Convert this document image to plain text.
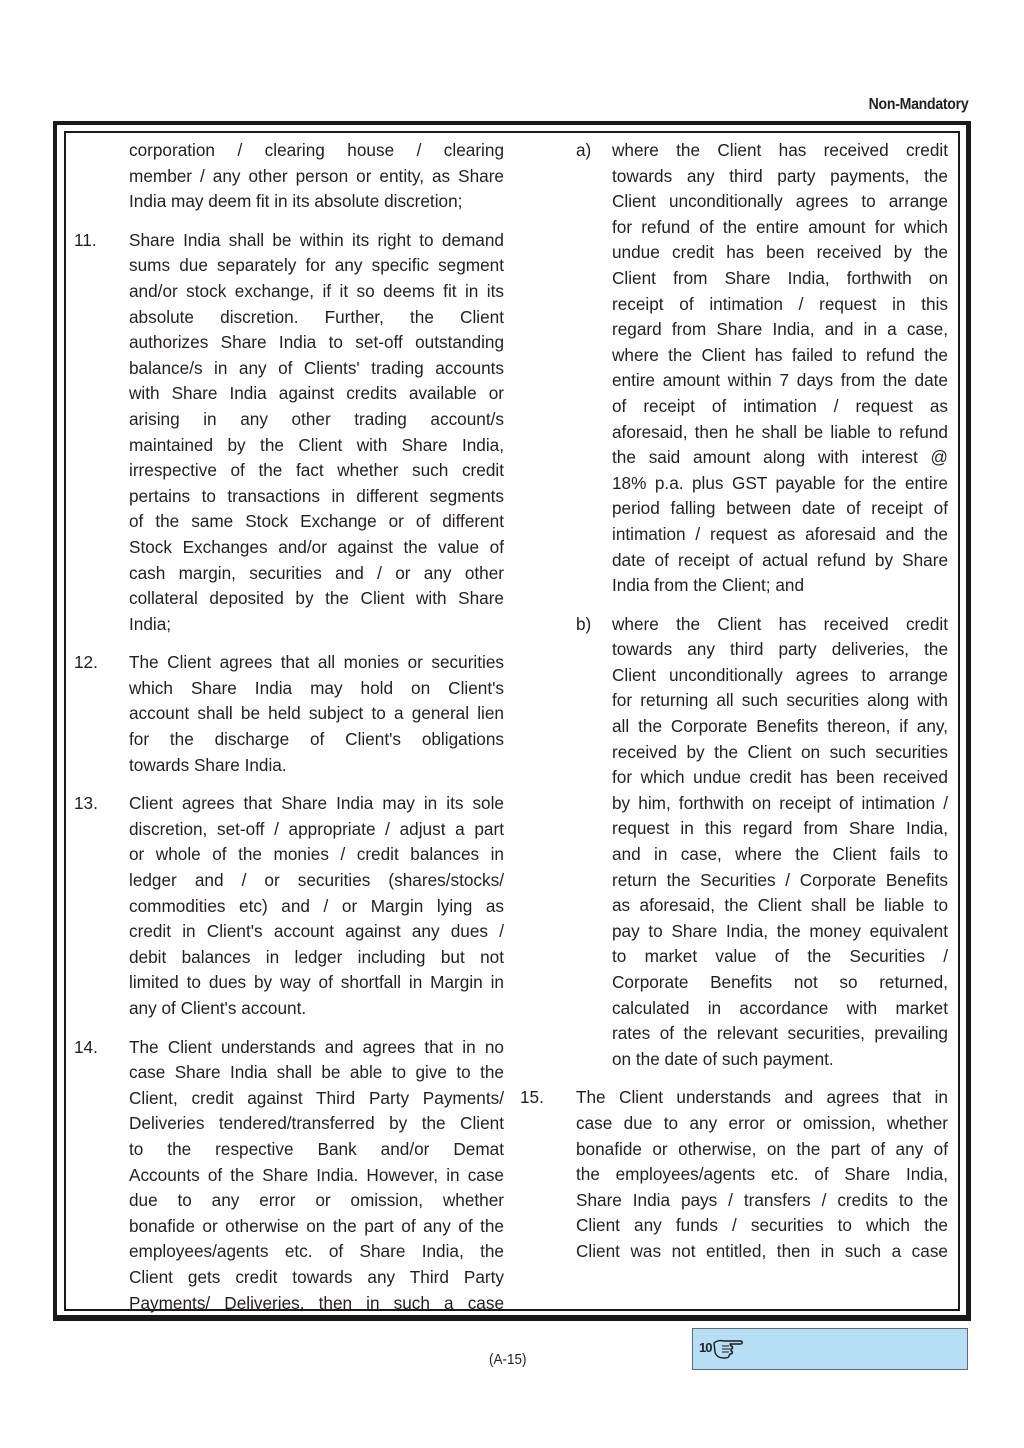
Non-Mandatory
corporation / clearing house / clearing
member / any other person or entity, as Share
India may deem fit in its absolute discretion;
11. Share India shall be within its right to demand
sums due separately for any specific segment
and/or stock exchange, if it so deems fit in its
absolute discretion. Further, the Client
authorizes Share India to set-off outstanding
balance/s in any of Clients' trading accounts
with Share India against credits available or
arising in any other trading account/s
maintained by the Client with Share India,
irrespective of the fact whether such credit
pertains to transactions in different segments
of the same Stock Exchange or of different
Stock Exchanges and/or against the value of
cash margin, securities and / or any other
collateral deposited by the Client with Share
India;
12. The Client agrees that all monies or securities
which Share India may hold on Client's
account shall be held subject to a general lien
for the discharge of Client's obligations
towards Share India.
13. Client agrees that Share India may in its sole
discretion, set-off / appropriate / adjust a part
or whole of the monies / credit balances in
ledger and / or securities (shares/stocks/
commodities etc) and / or Margin lying as
credit in Client's account against any dues /
debit balances in ledger including but not
limited to dues by way of shortfall in Margin in
any of Client's account.
14. The Client understands and agrees that in no
case Share India shall be able to give to the
Client, credit against Third Party Payments/
Deliveries tendered/transferred by the Client
to the respective Bank and/or Demat
Accounts of the Share India. However, in case
due to any error or omission, whether
bonafide or otherwise on the part of any of the
employees/agents etc. of Share India, the
Client gets credit towards any Third Party
Payments/ Deliveries, then in such a case
a) where the Client has received credit
towards any third party payments, the
Client unconditionally agrees to arrange
for refund of the entire amount for which
undue credit has been received by the
Client from Share India, forthwith on
receipt of intimation / request in this
regard from Share India, and in a case,
where the Client has failed to refund the
entire amount within 7 days from the date
of receipt of intimation / request as
aforesaid, then he shall be liable to refund
the said amount along with interest @
18% p.a. plus GST payable for the entire
period falling between date of receipt of
intimation / request as aforesaid and the
date of receipt of actual refund by Share
India from the Client; and
b) where the Client has received credit
towards any third party deliveries, the
Client unconditionally agrees to arrange
for returning all such securities along with
all the Corporate Benefits thereon, if any,
received by the Client on such securities
for which undue credit has been received
by him, forthwith on receipt of intimation /
request in this regard from Share India,
and in case, where the Client fails to
return the Securities / Corporate Benefits
as aforesaid, the Client shall be liable to
pay to Share India, the money equivalent
to market value of the Securities /
Corporate Benefits not so returned,
calculated in accordance with market
rates of the relevant securities, prevailing
on the date of such payment.
15. The Client understands and agrees that in
case due to any error or omission, whether
bonafide or otherwise, on the part of any of
the employees/agents etc. of Share India,
Share India pays / transfers / credits to the
Client any funds / securities to which the
Client was not entitled, then in such a case
(A-15)
10
